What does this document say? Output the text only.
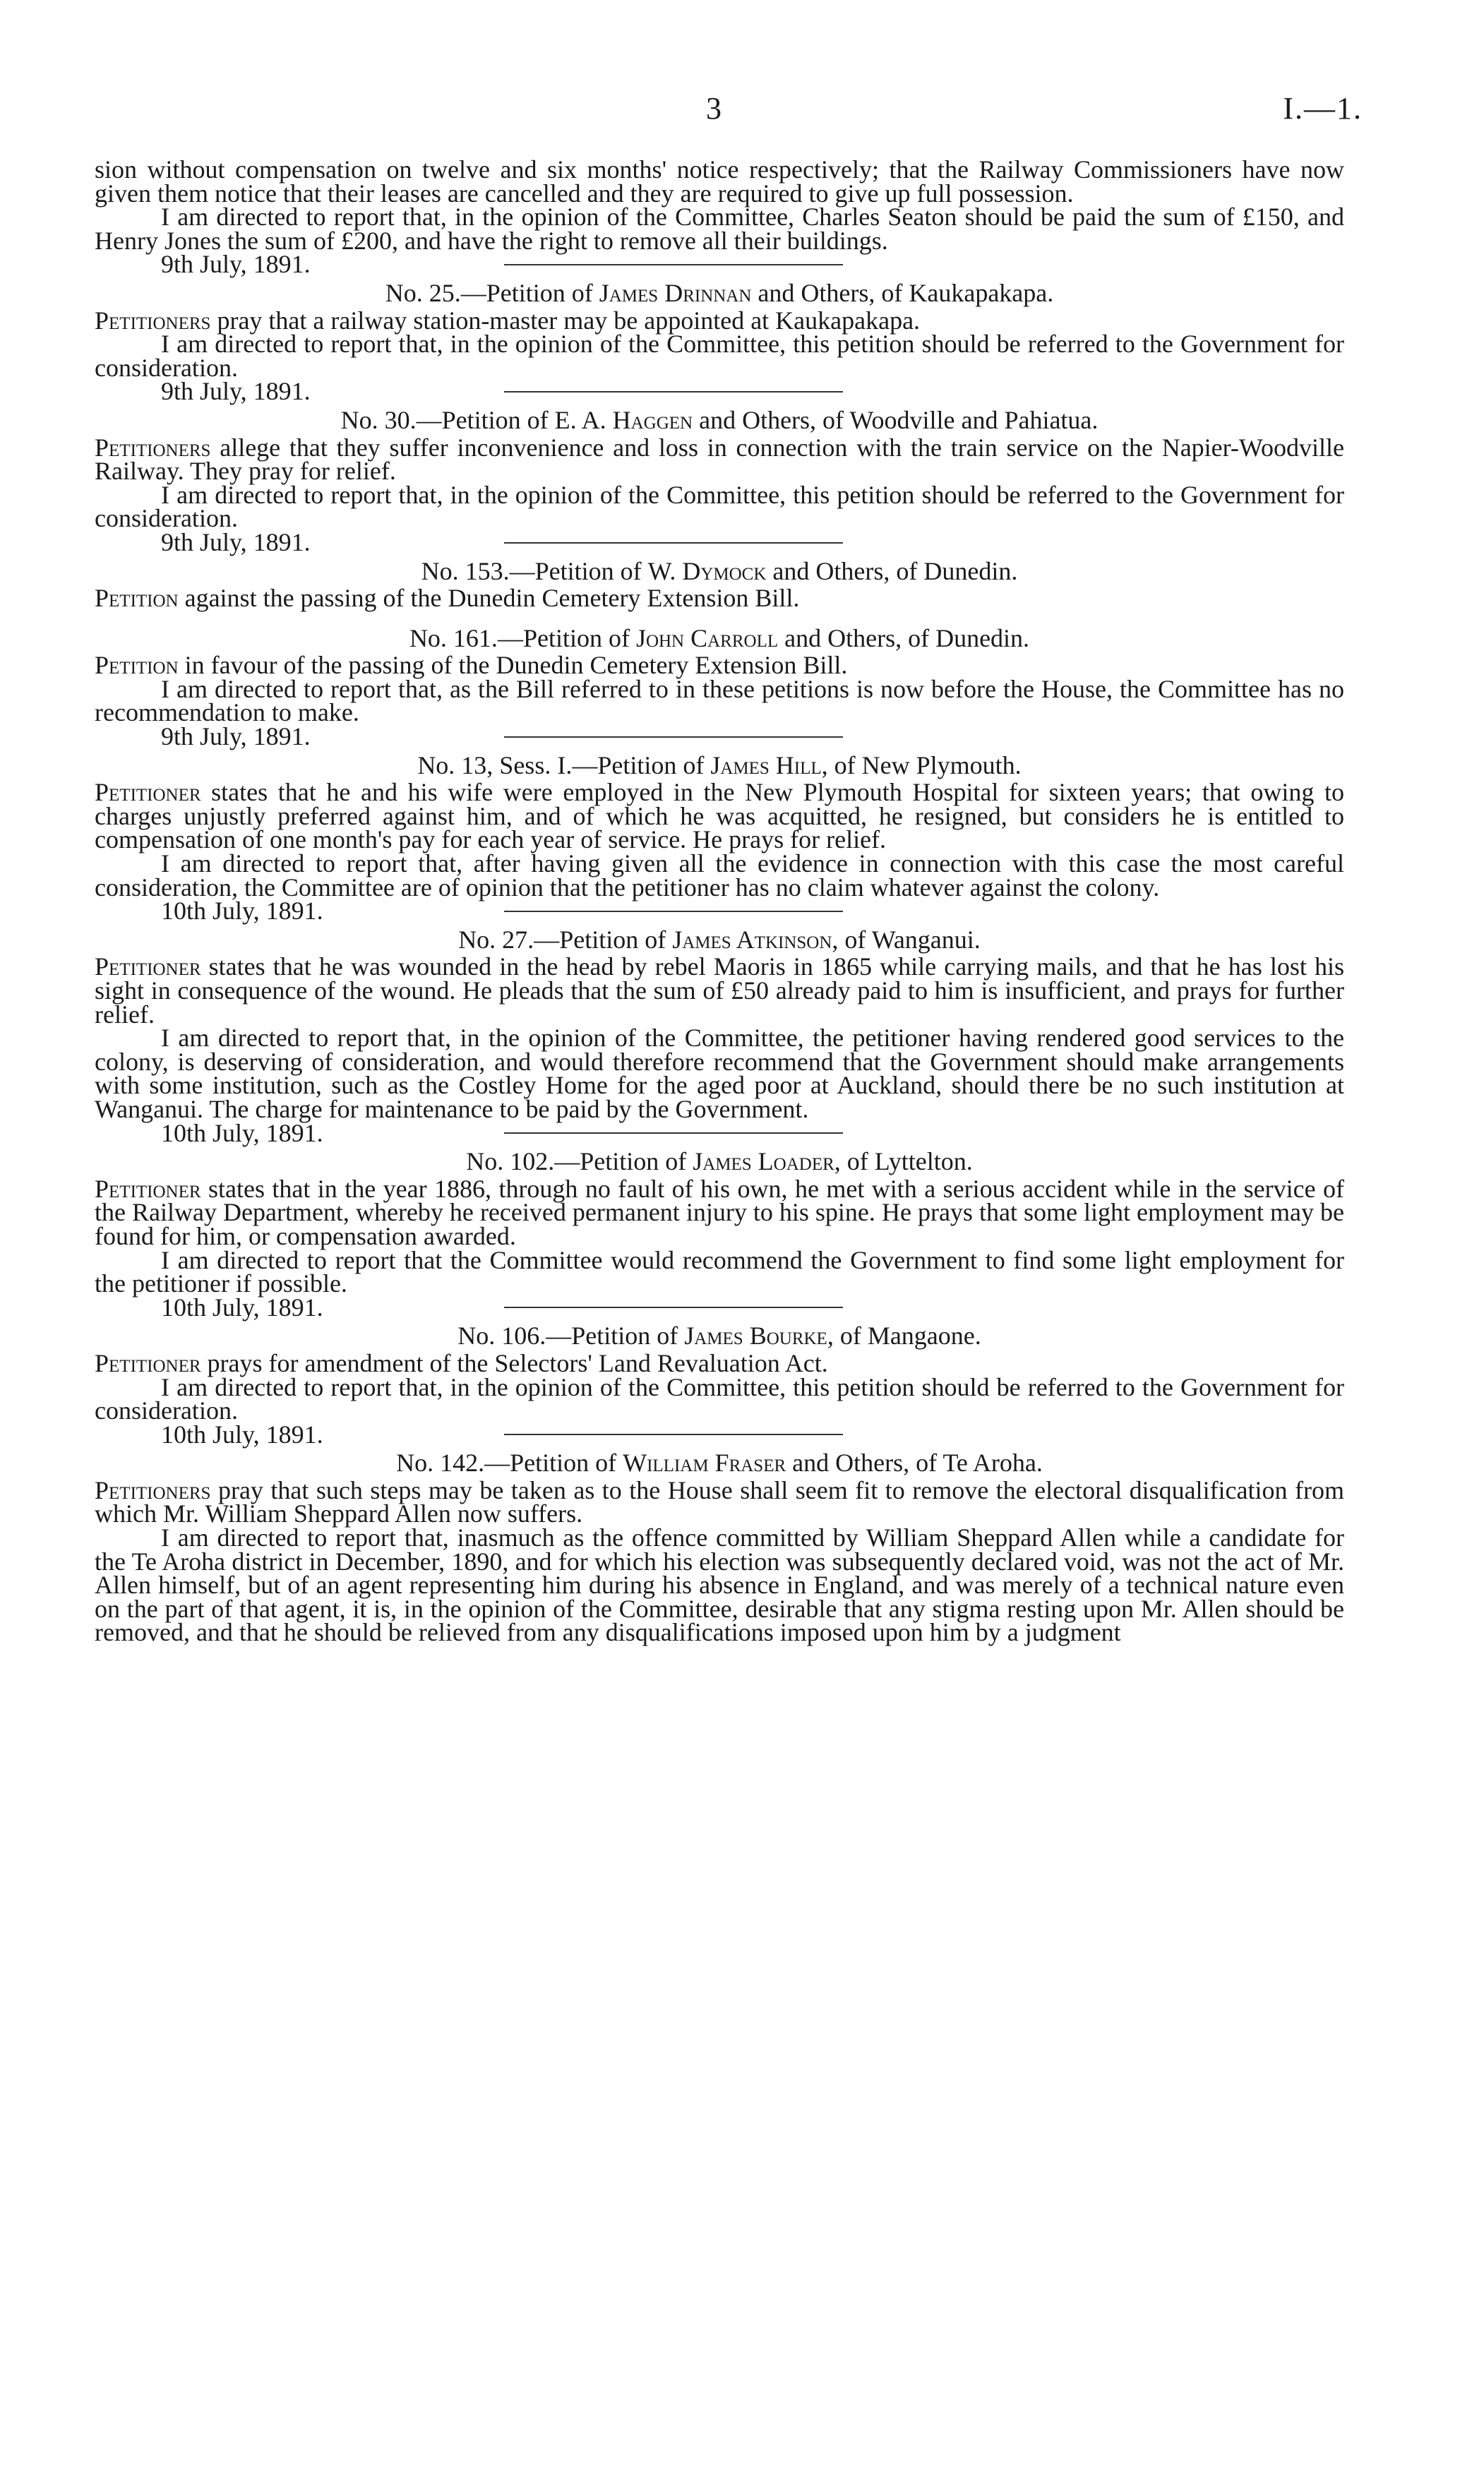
3	I.—1.

sion without compensation on twelve and six months' notice respectively; that the Railway Commissioners have now given them notice that their leases are cancelled and they are required to give up full possession.

I am directed to report that, in the opinion of the Committee, Charles Seaton should be paid the sum of £150, and Henry Jones the sum of £200, and have the right to remove all their buildings.

9th July, 1891.

No. 25.—Petition of James Drinnan and Others, of Kaukapakapa.

Petitioners pray that a railway station-master may be appointed at Kaukapakapa.

I am directed to report that, in the opinion of the Committee, this petition should be referred to the Government for consideration.

9th July, 1891.

No. 30.—Petition of E. A. Haggen and Others, of Woodville and Pahiatua.

Petitioners allege that they suffer inconvenience and loss in connection with the train service on the Napier-Woodville Railway. They pray for relief.

I am directed to report that, in the opinion of the Committee, this petition should be referred to the Government for consideration.

9th July, 1891.

No. 153.—Petition of W. Dymock and Others, of Dunedin.

Petition against the passing of the Dunedin Cemetery Extension Bill.

No. 161.—Petition of John Carroll and Others, of Dunedin.

Petition in favour of the passing of the Dunedin Cemetery Extension Bill.

I am directed to report that, as the Bill referred to in these petitions is now before the House, the Committee has no recommendation to make.

9th July, 1891.

No. 13, Sess. I.—Petition of James Hill, of New Plymouth.

Petitioner states that he and his wife were employed in the New Plymouth Hospital for sixteen years; that owing to charges unjustly preferred against him, and of which he was acquitted, he resigned, but considers he is entitled to compensation of one month's pay for each year of service. He prays for relief.

I am directed to report that, after having given all the evidence in connection with this case the most careful consideration, the Committee are of opinion that the petitioner has no claim whatever against the colony.

10th July, 1891.

No. 27.—Petition of James Atkinson, of Wanganui.

Petitioner states that he was wounded in the head by rebel Maoris in 1865 while carrying mails, and that he has lost his sight in consequence of the wound. He pleads that the sum of £50 already paid to him is insufficient, and prays for further relief.

I am directed to report that, in the opinion of the Committee, the petitioner having rendered good services to the colony, is deserving of consideration, and would therefore recommend that the Government should make arrangements with some institution, such as the Costley Home for the aged poor at Auckland, should there be no such institution at Wanganui. The charge for maintenance to be paid by the Government.

10th July, 1891.

No. 102.—Petition of James Loader, of Lyttelton.

Petitioner states that in the year 1886, through no fault of his own, he met with a serious accident while in the service of the Railway Department, whereby he received permanent injury to his spine. He prays that some light employment may be found for him, or compensation awarded.

I am directed to report that the Committee would recommend the Government to find some light employment for the petitioner if possible.

10th July, 1891.

No. 106.—Petition of James Bourke, of Mangaone.

Petitioner prays for amendment of the Selectors' Land Revaluation Act.

I am directed to report that, in the opinion of the Committee, this petition should be referred to the Government for consideration.

10th July, 1891.

No. 142.—Petition of William Fraser and Others, of Te Aroha.

Petitioners pray that such steps may be taken as to the House shall seem fit to remove the electoral disqualification from which Mr. William Sheppard Allen now suffers.

I am directed to report that, inasmuch as the offence committed by William Sheppard Allen while a candidate for the Te Aroha district in December, 1890, and for which his election was subsequently declared void, was not the act of Mr. Allen himself, but of an agent representing him during his absence in England, and was merely of a technical nature even on the part of that agent, it is, in the opinion of the Committee, desirable that any stigma resting upon Mr. Allen should be removed, and that he should be relieved from any disqualifications imposed upon him by a judgment
